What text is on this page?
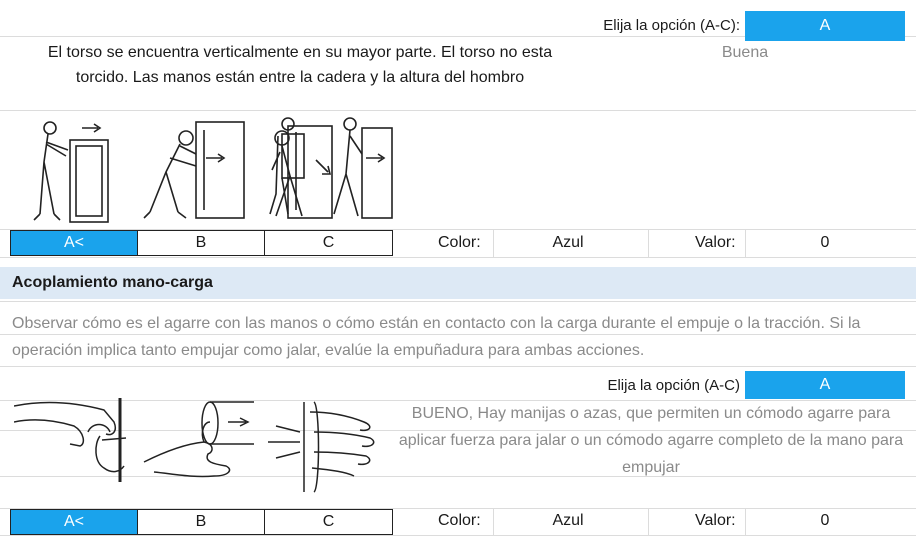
Elija la opción (A-C):	A
Buena
El torso se encuentra verticalmente en su mayor parte. El torso no esta torcido. Las manos están entre la cadera y la altura del hombro
A<	B	C	Color:	Azul	Valor:	0
Acoplamiento mano-carga
Observar cómo es el agarre con las manos o cómo están en contacto con la carga durante el empuje o la tracción. Si la operación implica tanto empujar como jalar, evalúe la empuñadura para ambas acciones.
Elija la opción (A-C)	A
BUENO, Hay manijas o azas, que permiten un cómodo agarre para aplicar fuerza para jalar o un cómodo agarre completo de la mano para empujar
A<	B	C	Color:	Azul	Valor:	0
